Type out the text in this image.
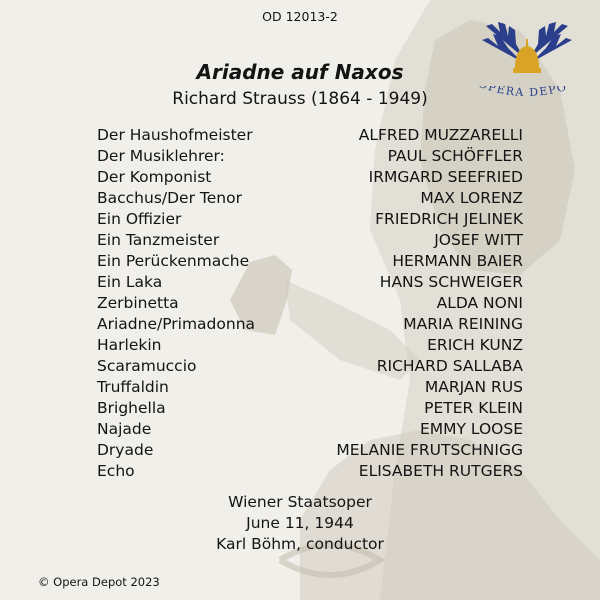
OD 12013-2

PERA DEPO
Ariadne auf Naxos
Richard Strauss (1864 - 1949)
Der Haushofmeister	ALFRED MUZZARELLI
Der Musiklehrer:	PAUL SCHÖFFLER
Der Komponist	IRMGARD SEEFRIED
Bacchus/Der Tenor	MAX LORENZ
Ein Offizier	FRIEDRICH JELINEK
Ein Tanzmeister	JOSEF WITT
Ein Perückenmache	HERMANN BAIER
Ein Laka	HANS SCHWEIGER
Zerbinetta	ALDA NONI
Ariadne/Primadonna	MARIA REINING
Harlekin	ERICH KUNZ
Scaramuccio	RICHARD SALLABA
Truffaldin	MARJAN RUS
Brighella	PETER KLEIN
Najade	EMMY LOOSE
Dryade	MELANIE FRUTSCHNIGG
Echo	ELISABETH RUTGERS
Wiener Staatsoper
June 11, 1944
Karl Böhm, conductor
© Opera Depot 2023
